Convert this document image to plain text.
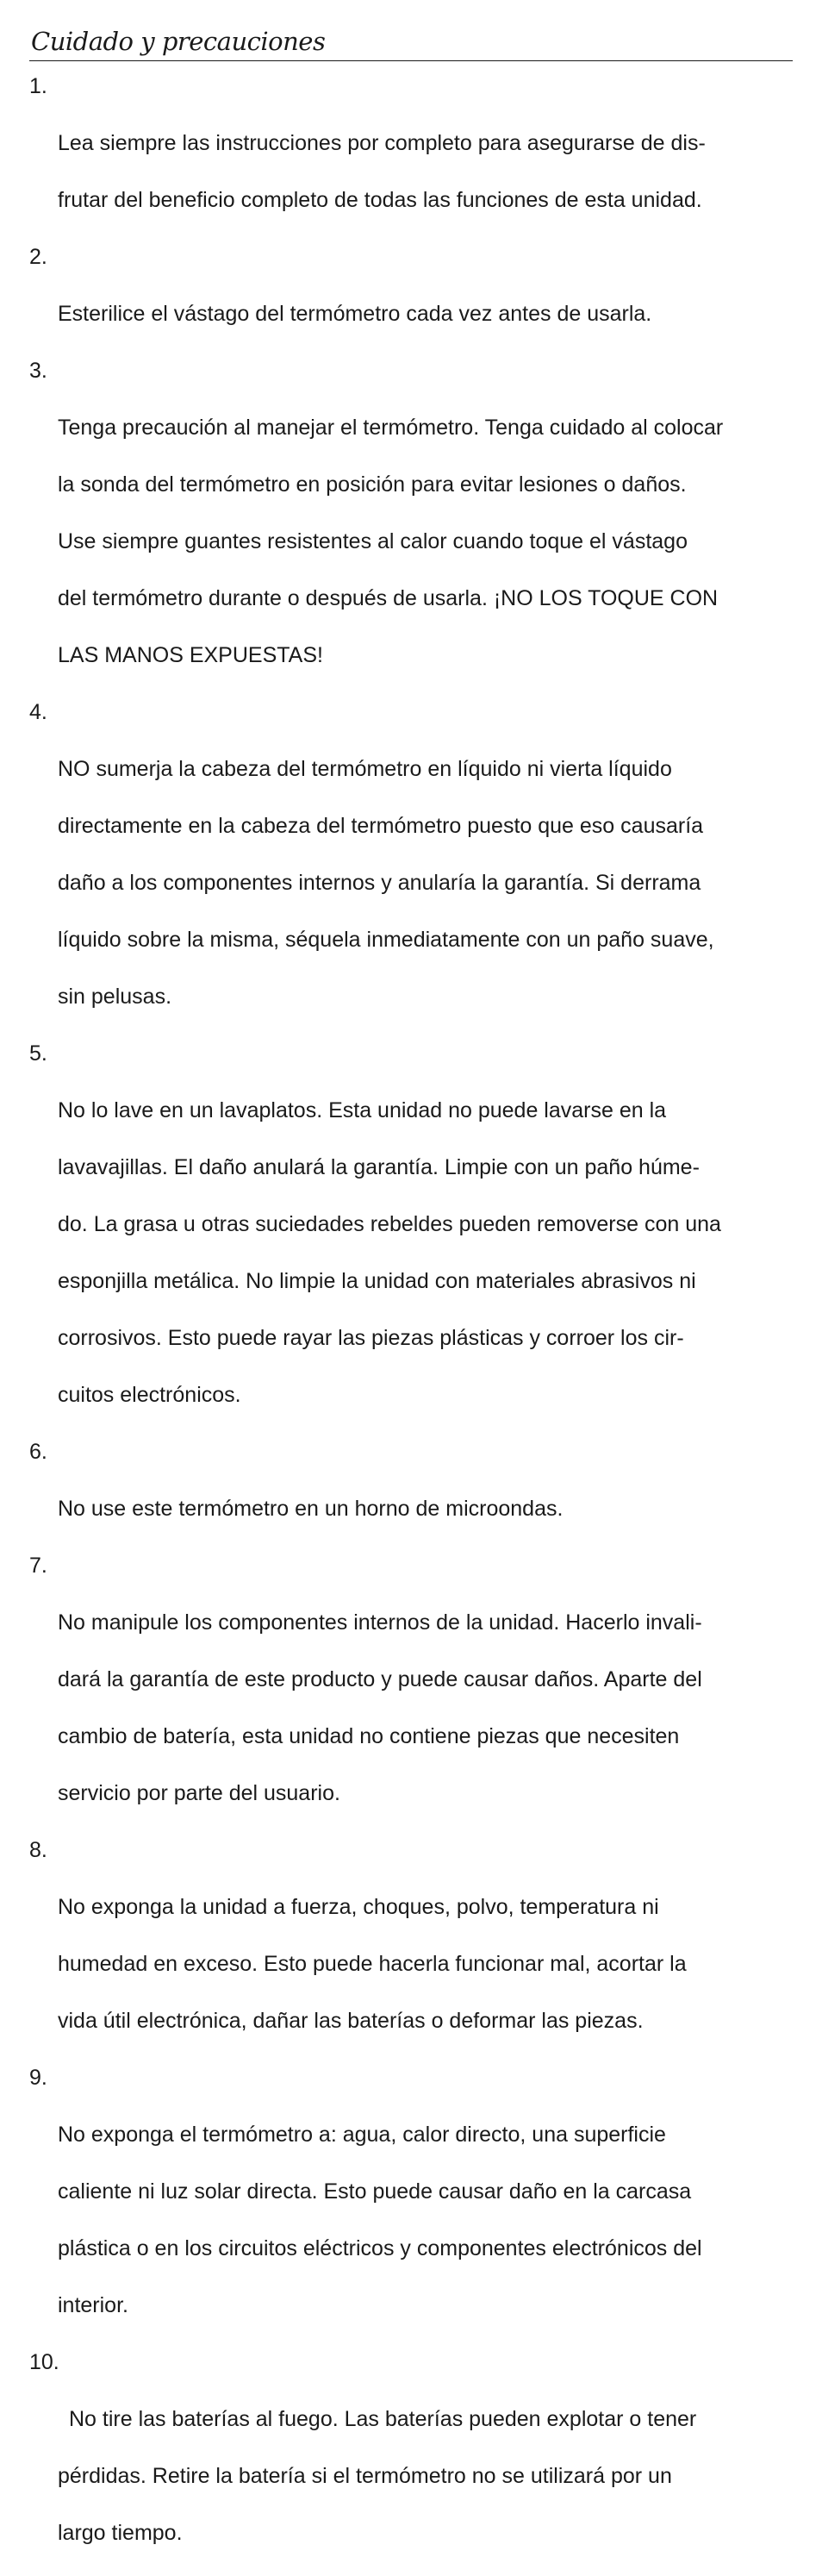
Cuidado y precauciones

1.

Lea siempre las instrucciones por completo para asegurarse de dis-

frutar del beneficio completo de todas las funciones de esta unidad.

2.

Esterilice el vástago del termómetro cada vez antes de usarla.

3.

Tenga precaución al manejar el termómetro. Tenga cuidado al colocar

la sonda del termómetro en posición para evitar lesiones o daños.

Use siempre guantes resistentes al calor cuando toque el vástago

del termómetro durante o después de usarla. ¡NO LOS TOQUE CON

LAS MANOS EXPUESTAS!

4.

NO sumerja la cabeza del termómetro en líquido ni vierta líquido

directamente en la cabeza del termómetro puesto que eso causaría

daño a los componentes internos y anularía la garantía. Si derrama

líquido sobre la misma, séquela inmediatamente con un paño suave,

sin pelusas.

5.

No lo lave en un lavaplatos. Esta unidad no puede lavarse en la

lavavajillas. El daño anulará la garantía. Limpie con un paño húme-

do. La grasa u otras suciedades rebeldes pueden removerse con una

esponjilla metálica. No limpie la unidad con materiales abrasivos ni

corrosivos. Esto puede rayar las piezas plásticas y corroer los cir-

cuitos electrónicos.

6.

No use este termómetro en un horno de microondas.

7.

No manipule los componentes internos de la unidad. Hacerlo invali-

dará la garantía de este producto y puede causar daños. Aparte del

cambio de batería, esta unidad no contiene piezas que necesiten

servicio por parte del usuario.

8.

No exponga la unidad a fuerza, choques, polvo, temperatura ni

humedad en exceso. Esto puede hacerla funcionar mal, acortar la

vida útil electrónica, dañar las baterías o deformar las piezas.

9.

No exponga el termómetro a: agua, calor directo, una superficie

caliente ni luz solar directa. Esto puede causar daño en la carcasa

plástica o en los circuitos eléctricos y componentes electrónicos del

interior.

10.

No tire las baterías al fuego. Las baterías pueden explotar o tener

pérdidas. Retire la batería si el termómetro no se utilizará por un

largo tiempo.
